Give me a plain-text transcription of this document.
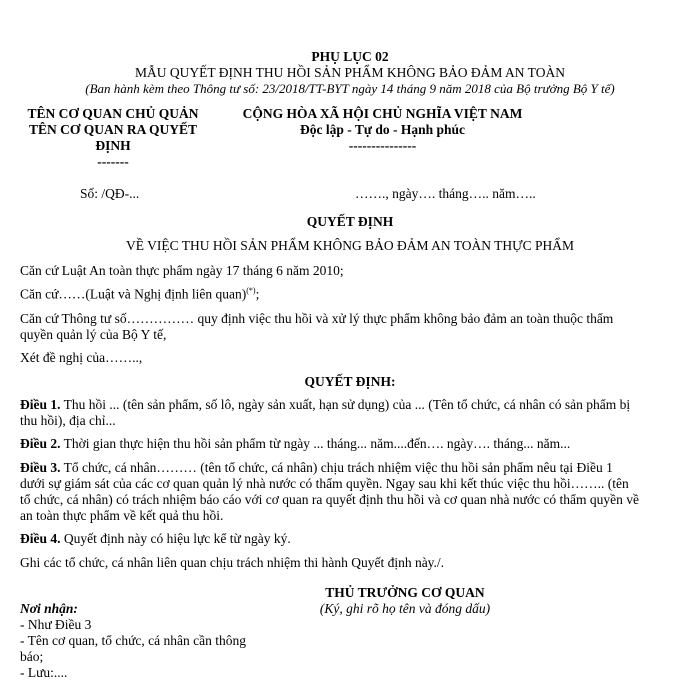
PHỤ LỤC 02
MẪU QUYẾT ĐỊNH THU HỒI SẢN PHẨM KHÔNG BẢO ĐẢM AN TOÀN
(Ban hành kèm theo Thông tư số: 23/2018/TT-BYT ngày 14 tháng 9 năm 2018 của Bộ trưởng Bộ Y tế)
TÊN CƠ QUAN CHỦ QUẢN
TÊN CƠ QUAN RA QUYẾT
ĐỊNH
-------
Số: /QĐ-...
CỘNG HÒA XÃ HỘI CHỦ NGHĨA VIỆT NAM
Độc lập - Tự do - Hạnh phúc
---------------
……., ngày…. tháng….. năm…..
QUYẾT ĐỊNH
VỀ VIỆC THU HỒI SẢN PHẨM KHÔNG BẢO ĐẢM AN TOÀN THỰC PHẨM
Căn cứ Luật An toàn thực phẩm ngày 17 tháng 6 năm 2010;
Căn cứ……(Luật và Nghị định liên quan)(*);
Căn cứ Thông tư số…………… quy định việc thu hồi và xử lý thực phẩm không bảo đảm an toàn thuộc thẩm
quyền quản lý của Bộ Y tế,
Xét đề nghị của……..,
QUYẾT ĐỊNH:
Điều 1. Thu hồi ... (tên sản phẩm, số lô, ngày sản xuất, hạn sử dụng) của ... (Tên tổ chức, cá nhân có sản phẩm bị
thu hồi), địa chỉ...
Điều 2. Thời gian thực hiện thu hồi sản phẩm từ ngày ... tháng... năm....đến…. ngày…. tháng... năm...
Điều 3. Tổ chức, cá nhân……… (tên tổ chức, cá nhân) chịu trách nhiệm việc thu hồi sản phẩm nêu tại Điều 1
dưới sự giám sát của các cơ quan quản lý nhà nước có thẩm quyền. Ngay sau khi kết thúc việc thu hồi…….. (tên
tổ chức, cá nhân) có trách nhiệm báo cáo với cơ quan ra quyết định thu hồi và cơ quan nhà nước có thẩm quyền về
an toàn thực phẩm về kết quả thu hồi.
Điều 4. Quyết định này có hiệu lực kể từ ngày ký.
Ghi các tổ chức, cá nhân liên quan chịu trách nhiệm thi hành Quyết định này./.
THỦ TRƯỞNG CƠ QUAN
(Ký, ghi rõ họ tên và đóng dấu)
Nơi nhận:
- Như Điều 3
- Tên cơ quan, tổ chức, cá nhân cần thông
báo;
- Lưu:....
